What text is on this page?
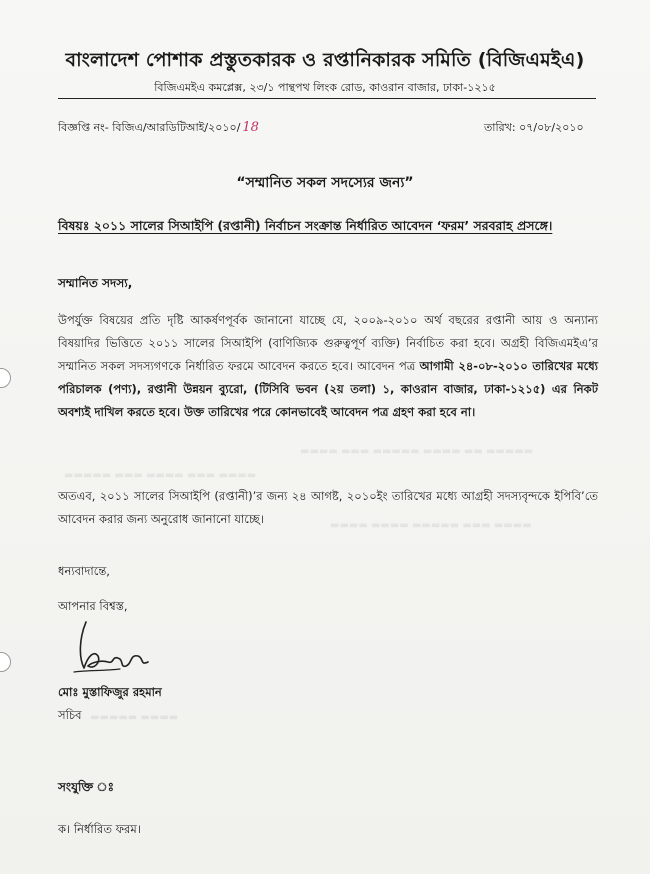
▬▬▬▬ ▬▬▬ ▬▬▬▬▬ ▬▬▬▬ ▬▬ ▬▬▬▬▬
▬▬▬▬▬ ▬▬▬ ▬▬▬▬ ▬▬▬ ▬▬▬▬
▬▬▬▬ ▬▬▬▬ ▬▬▬▬▬ ▬▬▬ ▬▬▬▬
▬▬▬▬▬ ▬▬▬▬
বাংলাদেশ পোশাক প্রস্তুতকারক ও রপ্তানিকারক সমিতি (বিজিএমইএ)
বিজিএমইএ কমপ্লেক্স, ২৩/১ পান্থপথ লিংক রোড, কাওরান বাজার, ঢাকা-১২১৫
বিজ্ঞপ্তি নং- বিজিএ/আরডিটিআই/২০১০/ 18	তারিখ: ০৭/০৮/২০১০
“সম্মানিত সকল সদস্যের জন্য”
বিষয়ঃ ২০১১ সালের সিআইপি (রপ্তানী) নির্বাচন সংক্রান্ত নির্ধারিত আবেদন ‘ফরম’ সরবরাহ প্রসঙ্গে।
সম্মানিত সদস্য,
উপর্যুক্ত বিষয়ের প্রতি দৃষ্টি আকর্ষণপূর্বক জানানো যাচ্ছে যে, ২০০৯-২০১০ অর্থ বছরের রপ্তানী আয় ও অন্যান্য বিষয়াদির ভিত্তিতে ২০১১ সালের সিআইপি (বাণিজ্যিক গুরুত্বপূর্ণ ব্যক্তি) নির্বাচিত করা হবে। অগ্রহী বিজিএমইএ’র সম্মানিত সকল সদস্যগণকে নির্ধারিত ফরমে আবেদন করতে হবে। আবেদন পত্র আগামী ২৪-০৮-২০১০ তারিখের মধ্যে পরিচালক (পণ্য), রপ্তানী উন্নয়ন ব্যুরো, (টিসিবি ভবন (২য় তলা) ১, কাওরান বাজার, ঢাকা-১২১৫) এর নিকট অবশ্যই দাখিল করতে হবে। উক্ত তারিখের পরে কোনভাবেই আবেদন পত্র গ্রহণ করা হবে না।
অতএব, ২০১১ সালের সিআইপি (রপ্তানী)’র জন্য ২৪ আগষ্ট, ২০১০ইং তারিখের মধ্যে আগ্রহী সদস্যবৃন্দকে ইপিবি’তে আবেদন করার জন্য অনুরোধ জানানো যাচ্ছে।
ধন্যবাদান্তে,
আপনার বিশ্বস্ত,
মোঃ মুস্তাফিজুর রহমান
সচিব
সংযুক্তি ঃ
ক। নির্ধারিত ফরম।
